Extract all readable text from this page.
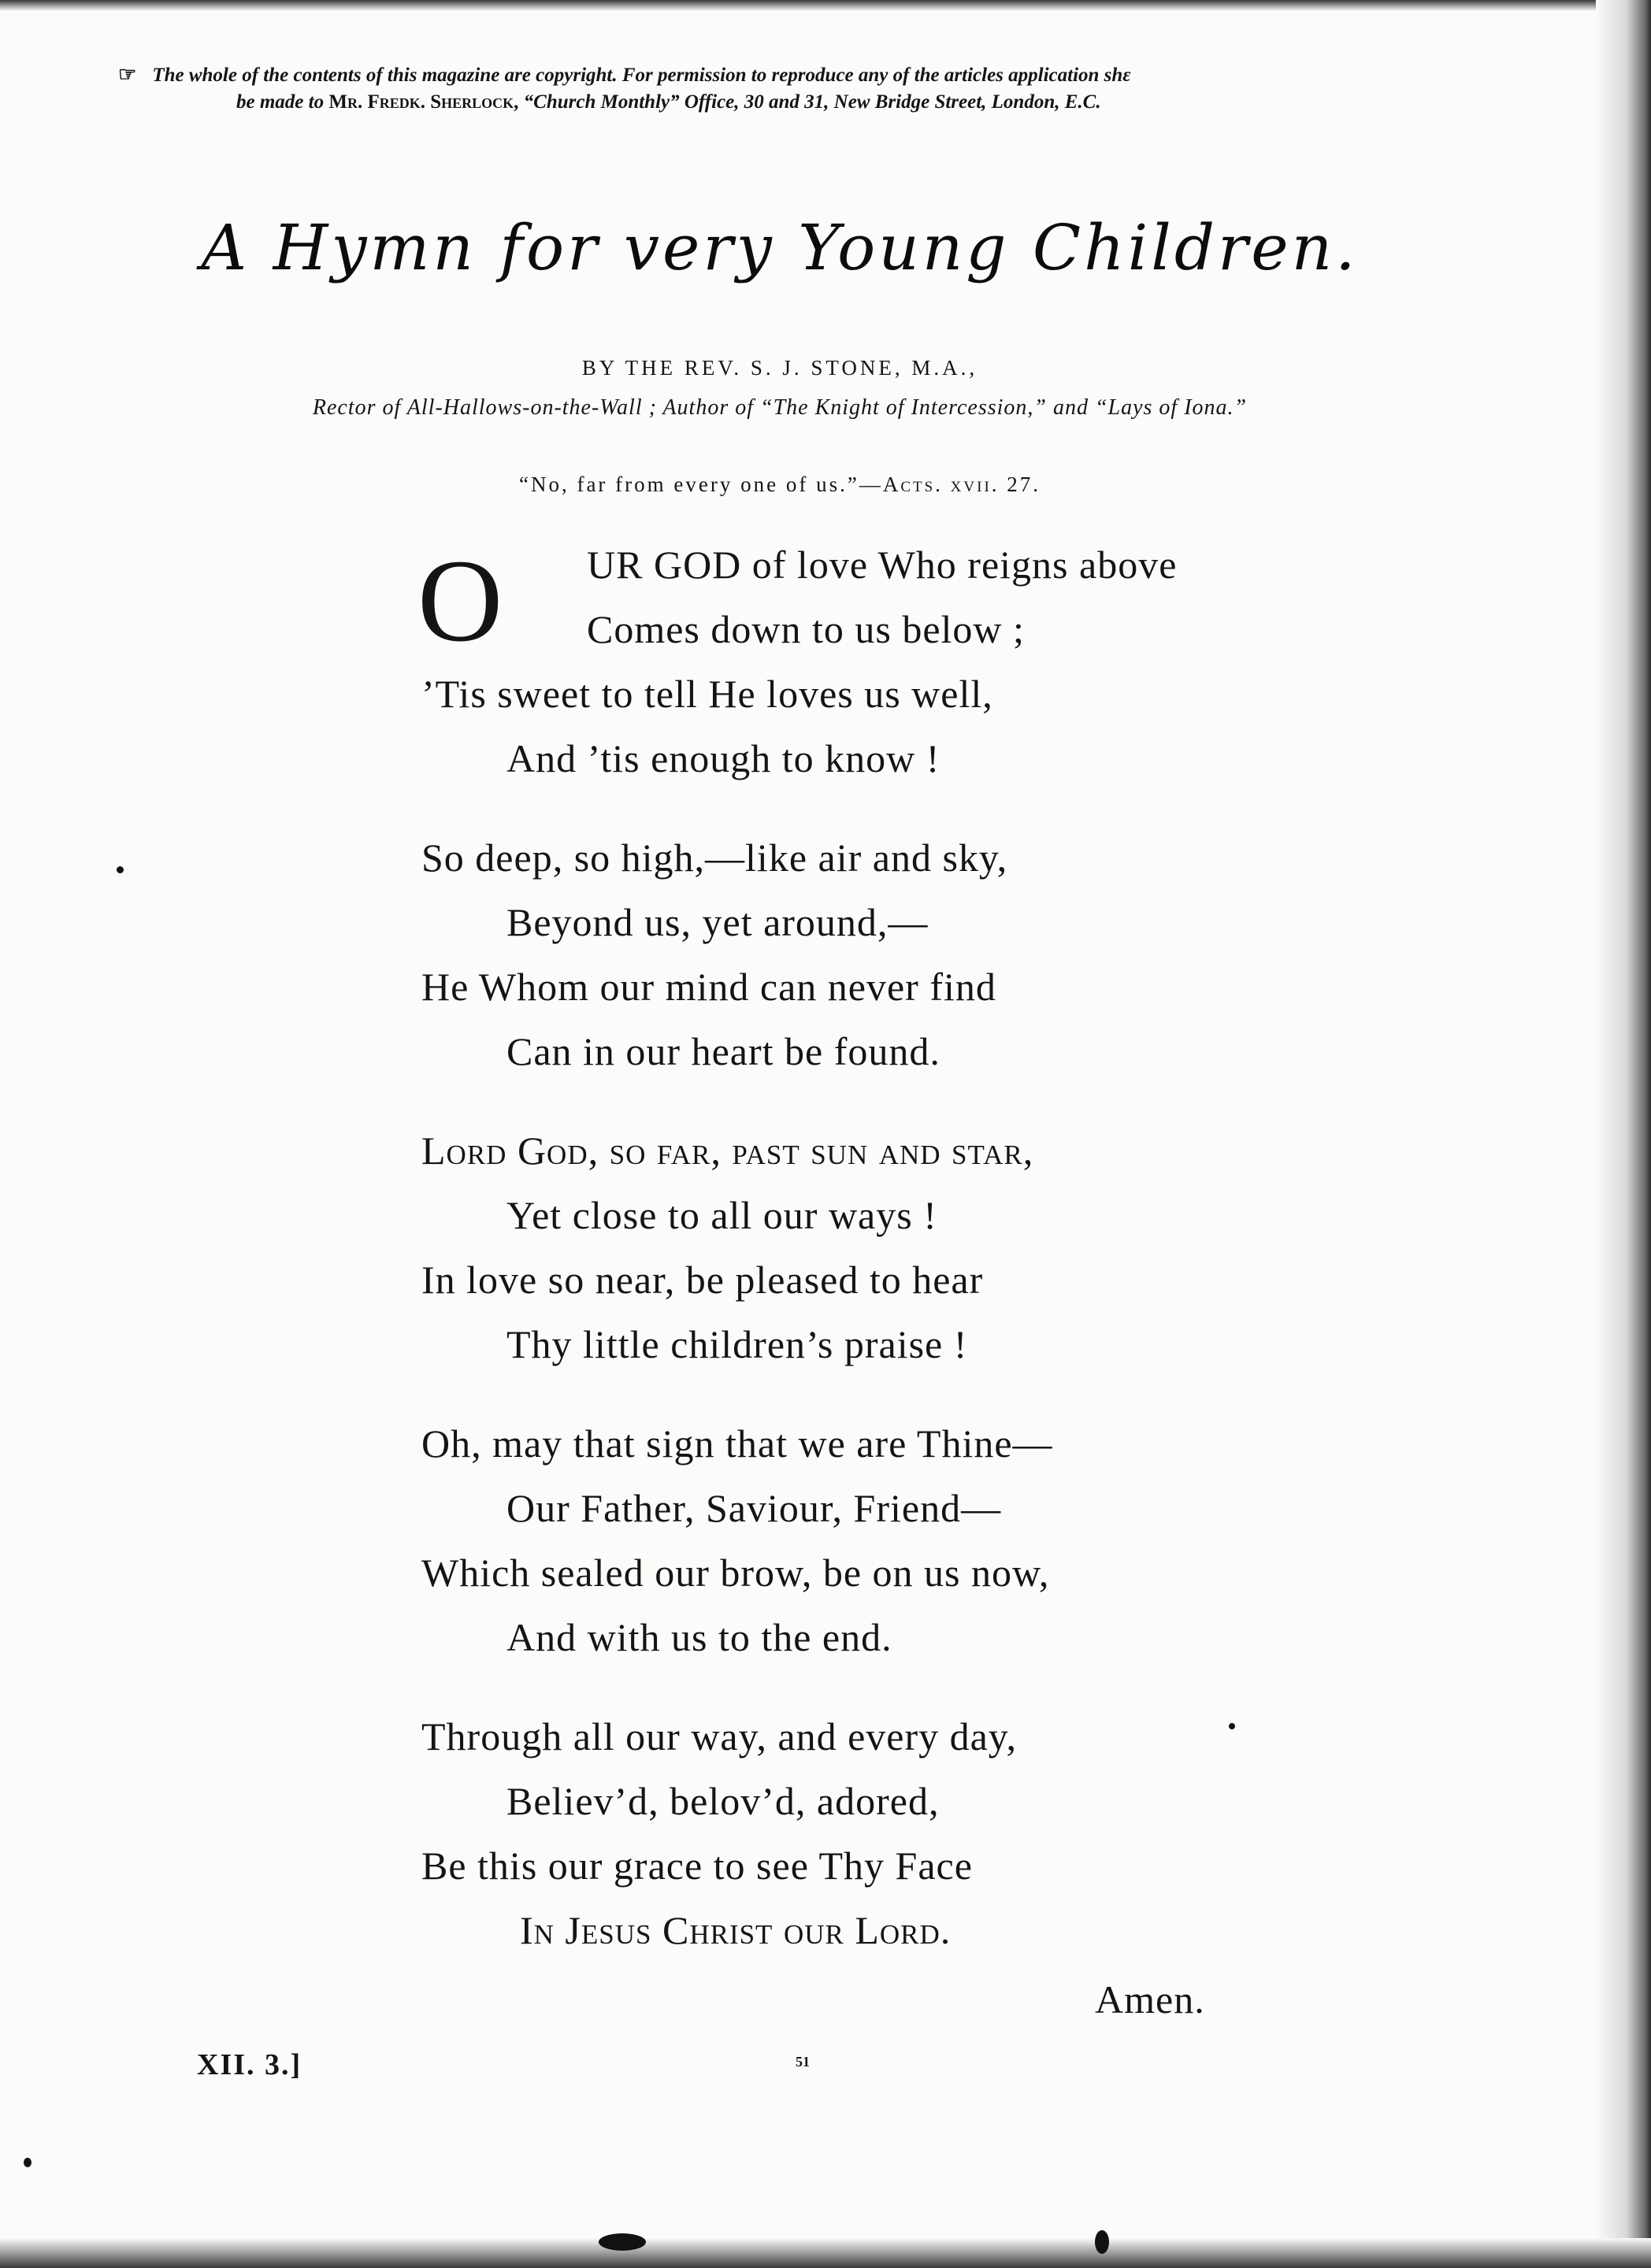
☞ The whole of the contents of this magazine are copyright. For permission to reproduce any of the articles application shε
be made to Mr. Fredk. Sherlock, “Church Monthly” Office, 30 and 31, New Bridge Street, London, E.C.
A Hymn for very Young Children.
BY THE REV. S. J. STONE, M.A.,
Rector of All-Hallows-on-the-Wall ; Author of “The Knight of Intercession,” and “Lays of Iona.”
“No, far from every one of us.”—Acts. xvii. 27.
O	UR GOD of love Who reigns above
Comes down to us below ;
’Tis sweet to tell He loves us well,
And ’tis enough to know !
So deep, so high,—like air and sky,
Beyond us, yet around,—
He Whom our mind can never find
Can in our heart be found.
Lord God, so far, past sun and star,
Yet close to all our ways !
In love so near, be pleased to hear
Thy little children’s praise !
Oh, may that sign that we are Thine—
Our Father, Saviour, Friend—
Which sealed our brow, be on us now,
And with us to the end.
Through all our way, and every day,
Believ’d, belov’d, adored,
Be this our grace to see Thy Face
In Jesus Christ our Lord.
Amen.
XII. 3.]	51
